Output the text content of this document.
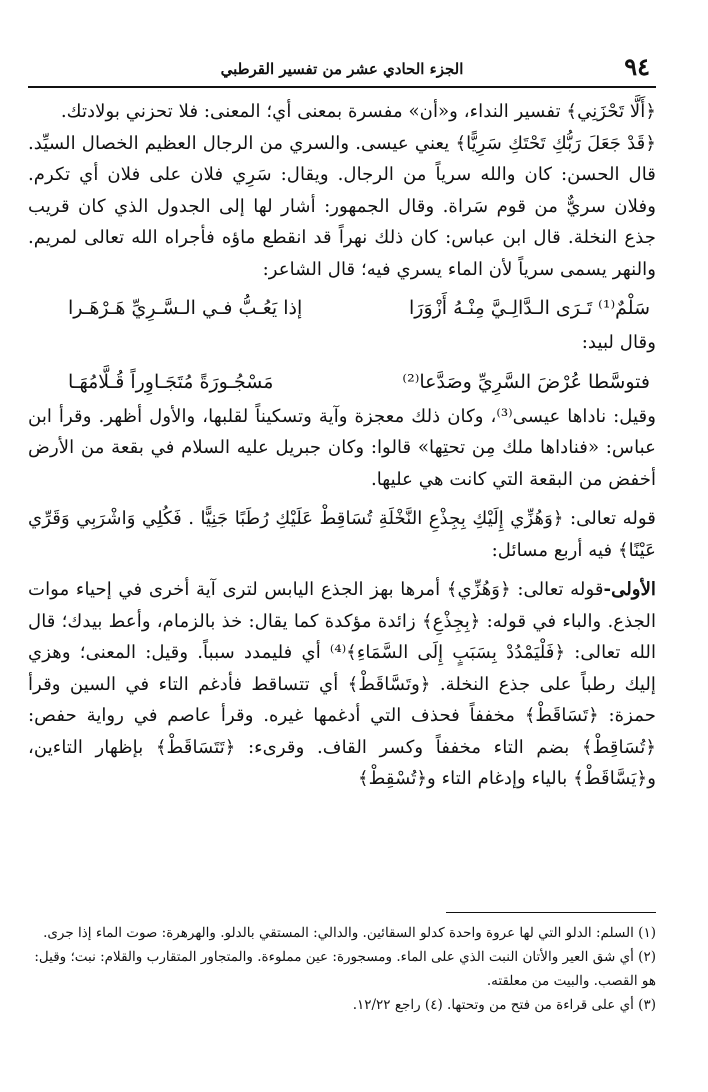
٩٤
الجزء الحادي عشر من تفسير القرطبي

﴿أَلَّا تَحْزَنِي﴾ تفسير النداء، و«أن» مفسرة بمعنى أي؛ المعنى: فلا تحزني بولادتك.

﴿قَدْ جَعَلَ رَبُّكِ تَحْتَكِ سَرِيًّا﴾ يعني عيسى. والسري من الرجال العظيم الخصال السيِّد. قال الحسن: كان والله سرياً من الرجال. ويقال: سَرِي فلان على فلان أي تكرم. وفلان سريٌّ من قوم سَراة. وقال الجمهور: أشار لها إلى الجدول الذي كان قريب جذع النخلة. قال ابن عباس: كان ذلك نهراً قد انقطع ماؤه فأجراه الله تعالى لمريم. والنهر يسمى سرياً لأن الماء يسري فيه؛ قال الشاعر:

سَلْمٌ⁽¹⁾ تَـرَى الـدَّالِـيَّ مِنْـهُ أَزْوَرَا
إذا يَعُـبُّ فـي الـسَّـرِيِّ هَـرْهَـرا

وقال لبيد:

فتوسَّطا عُرْضَ السَّرِيِّ وصَدَّعا⁽²⁾
مَسْجُـورَةً مُتَجَـاوِراً قُـلَّامُهَـا

وقيل: ناداها عيسى⁽³⁾، وكان ذلك معجزة وآية وتسكيناً لقلبها، والأول أظهر. وقرأ ابن عباس: «فناداها ملك مِن تحتِها» قالوا: وكان جبريل عليه السلام في بقعة من الأرض أخفض من البقعة التي كانت هي عليها.

قوله تعالى: ﴿وَهُزِّي إِلَيْكِ بِجِذْعِ النَّخْلَةِ تُسَاقِطْ عَلَيْكِ رُطَبًا جَنِيًّا . فَكُلِي وَاشْرَبِي وَقَرِّي عَيْنًا﴾ فيه أربع مسائل:

الأولى-قوله تعالى: ﴿وَهُزِّي﴾ أمرها بهز الجذع اليابس لترى آية أخرى في إحياء موات الجذع. والباء في قوله: ﴿بِجِذْعِ﴾ زائدة مؤكدة كما يقال: خذ بالزمام، وأعط بيدك؛ قال الله تعالى: ﴿فَلْيَمْدُدْ بِسَبَبٍ إِلَى السَّمَاءِ﴾⁽⁴⁾ أي فليمدد سبباً. وقيل: المعنى؛ وهزي إليك رطباً على جذع النخلة. ﴿وتَسَّاقَطْ﴾ أي تتساقط فأدغم التاء في السين وقرأ حمزة: ﴿تَسَاقَطْ﴾ مخففاً فحذف التي أدغمها غيره. وقرأ عاصم في رواية حفص: ﴿تُسَاقِطْ﴾ بضم التاء مخففاً وكسر القاف. وقرىء: ﴿تَتَسَاقَطْ﴾ بإظهار التاءين، و﴿يَسَّاقَطْ﴾ بالياء وإدغام التاء و﴿تُسْقِطْ﴾

(١) السلم: الدلو التي لها عروة واحدة كدلو السقائين. والدالي: المستقي بالدلو. والهرهرة: صوت الماء إذا جرى. (٢) أي شق العير والأتان النبت الذي على الماء. ومسجورة: عين مملوءة. والمتجاور المتقارب والقلام: نبت؛ وقيل: هو القصب. والبيت من معلقته.

(٣) أي على قراءة من فتح من وتحتها. (٤) راجع ١٢/٢٢.
